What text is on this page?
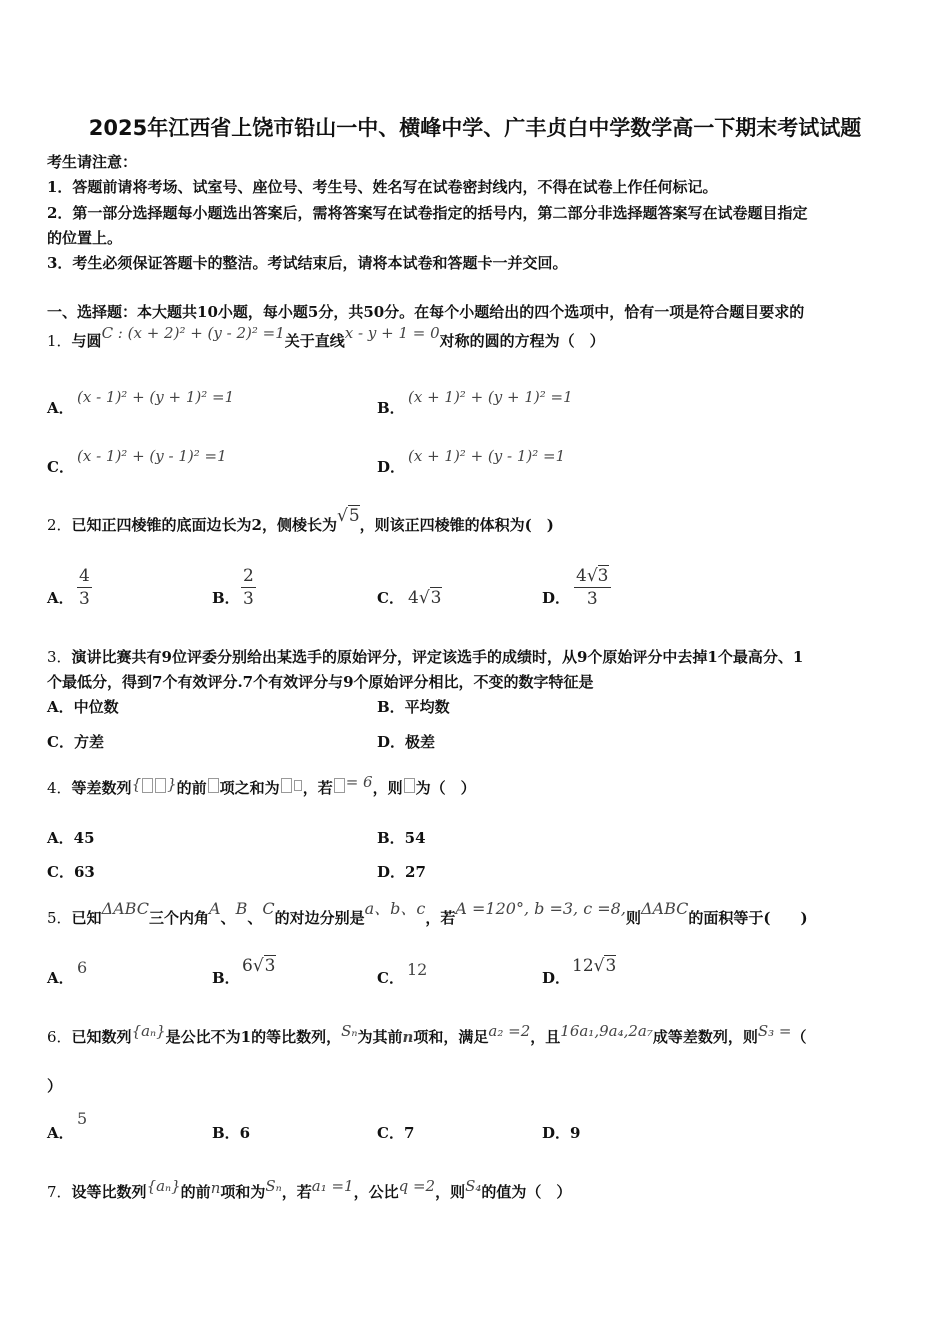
2025年江西省上饶市铅山一中、横峰中学、广丰贞白中学数学高一下期末考试试题
考生请注意：
1．答题前请将考场、试室号、座位号、考生号、姓名写在试卷密封线内，不得在试卷上作任何标记。
2．第一部分选择题每小题选出答案后，需将答案写在试卷指定的括号内，第二部分非选择题答案写在试卷题目指定
的位置上。
3．考生必须保证答题卡的整洁。考试结束后，请将本试卷和答题卡一并交回。
一、选择题：本大题共10小题，每小题5分，共50分。在每个小题给出的四个选项中，恰有一项是符合题目要求的
1．与圆C : (x + 2)² + (y - 2)² =1关于直线x - y + 1 = 0对称的圆的方程为（　）
A．
(x - 1)² + (y + 1)² =1
B．
(x + 1)² + (y + 1)² =1
C．
(x - 1)² + (y - 1)² =1
D．
(x + 1)² + (y - 1)² =1
2．已知正四棱锥的底面边长为2，侧棱长为√5，则该正四棱锥的体积为(　)
A． $\frac{4}{3}$	B． $\frac{2}{3}$	C． 4√3	D． $\frac{4√3}{3}$
3．演讲比赛共有9位评委分别给出某选手的原始评分，评定该选手的成绩时，从9个原始评分中去掉1个最高分、1
个最低分，得到7个有效评分.7个有效评分与9个原始评分相比，不变的数字特征是
A．中位数	B．平均数
C．方差	D．极差
4．等差数列{ }的前 项之和为 ，若 = 6，则 为（　）
A．45	B．54
C．63	D．27
5．已知ΔABC三个内角A、B、C的对边分别是a、b、c，若A =120°, b =3, c =8,则ΔABC的面积等于(　　)
A．
6
B．
6√3
C． 12	D．
12√3
6．已知数列{aₙ}是公比不为1的等比数列，Sₙ为其前n项和，满足a₂ =2，且16a₁,9a₄,2a₇成等差数列，则S₃ =（
）
A．
5
B．6	C．7	D．9
7．设等比数列{aₙ}的前n项和为Sₙ，若a₁ =1，公比q =2，则S₄的值为（　）
